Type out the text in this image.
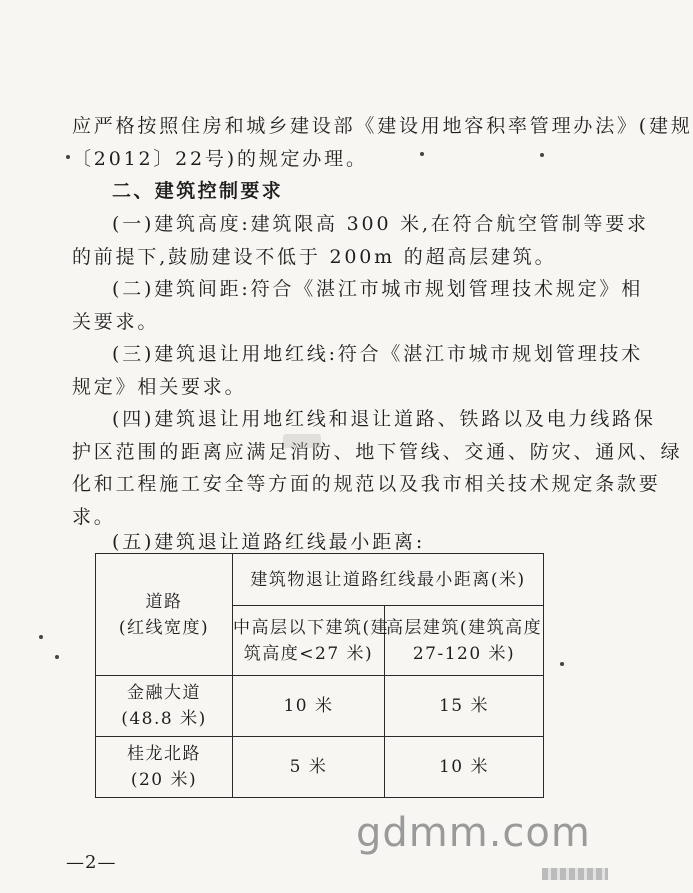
应严格按照住房和城乡建设部《建设用地容积率管理办法》(建规
〔2012〕22号)的规定办理。
二、建筑控制要求
(一)建筑高度:建筑限高 300 米,在符合航空管制等要求
的前提下,鼓励建设不低于 200m 的超高层建筑。
(二)建筑间距:符合《湛江市城市规划管理技术规定》相
关要求。
(三)建筑退让用地红线:符合《湛江市城市规划管理技术
规定》相关要求。
(四)建筑退让用地红线和退让道路、铁路以及电力线路保
护区范围的距离应满足消防、地下管线、交通、防灾、通风、绿
化和工程施工安全等方面的规范以及我市相关技术规定条款要
求。
(五)建筑退让道路红线最小距离:
道路
(红线宽度)	建筑物退让道路红线最小距离(米)	

	中高层以下建筑(建
筑高度<27 米)	高层建筑(建筑高度
27-120 米)

金融大道
(48.8 米)	10 米	15 米

桂龙北路
(20 米)	5 米	10 米
—2—
gdmm.com
